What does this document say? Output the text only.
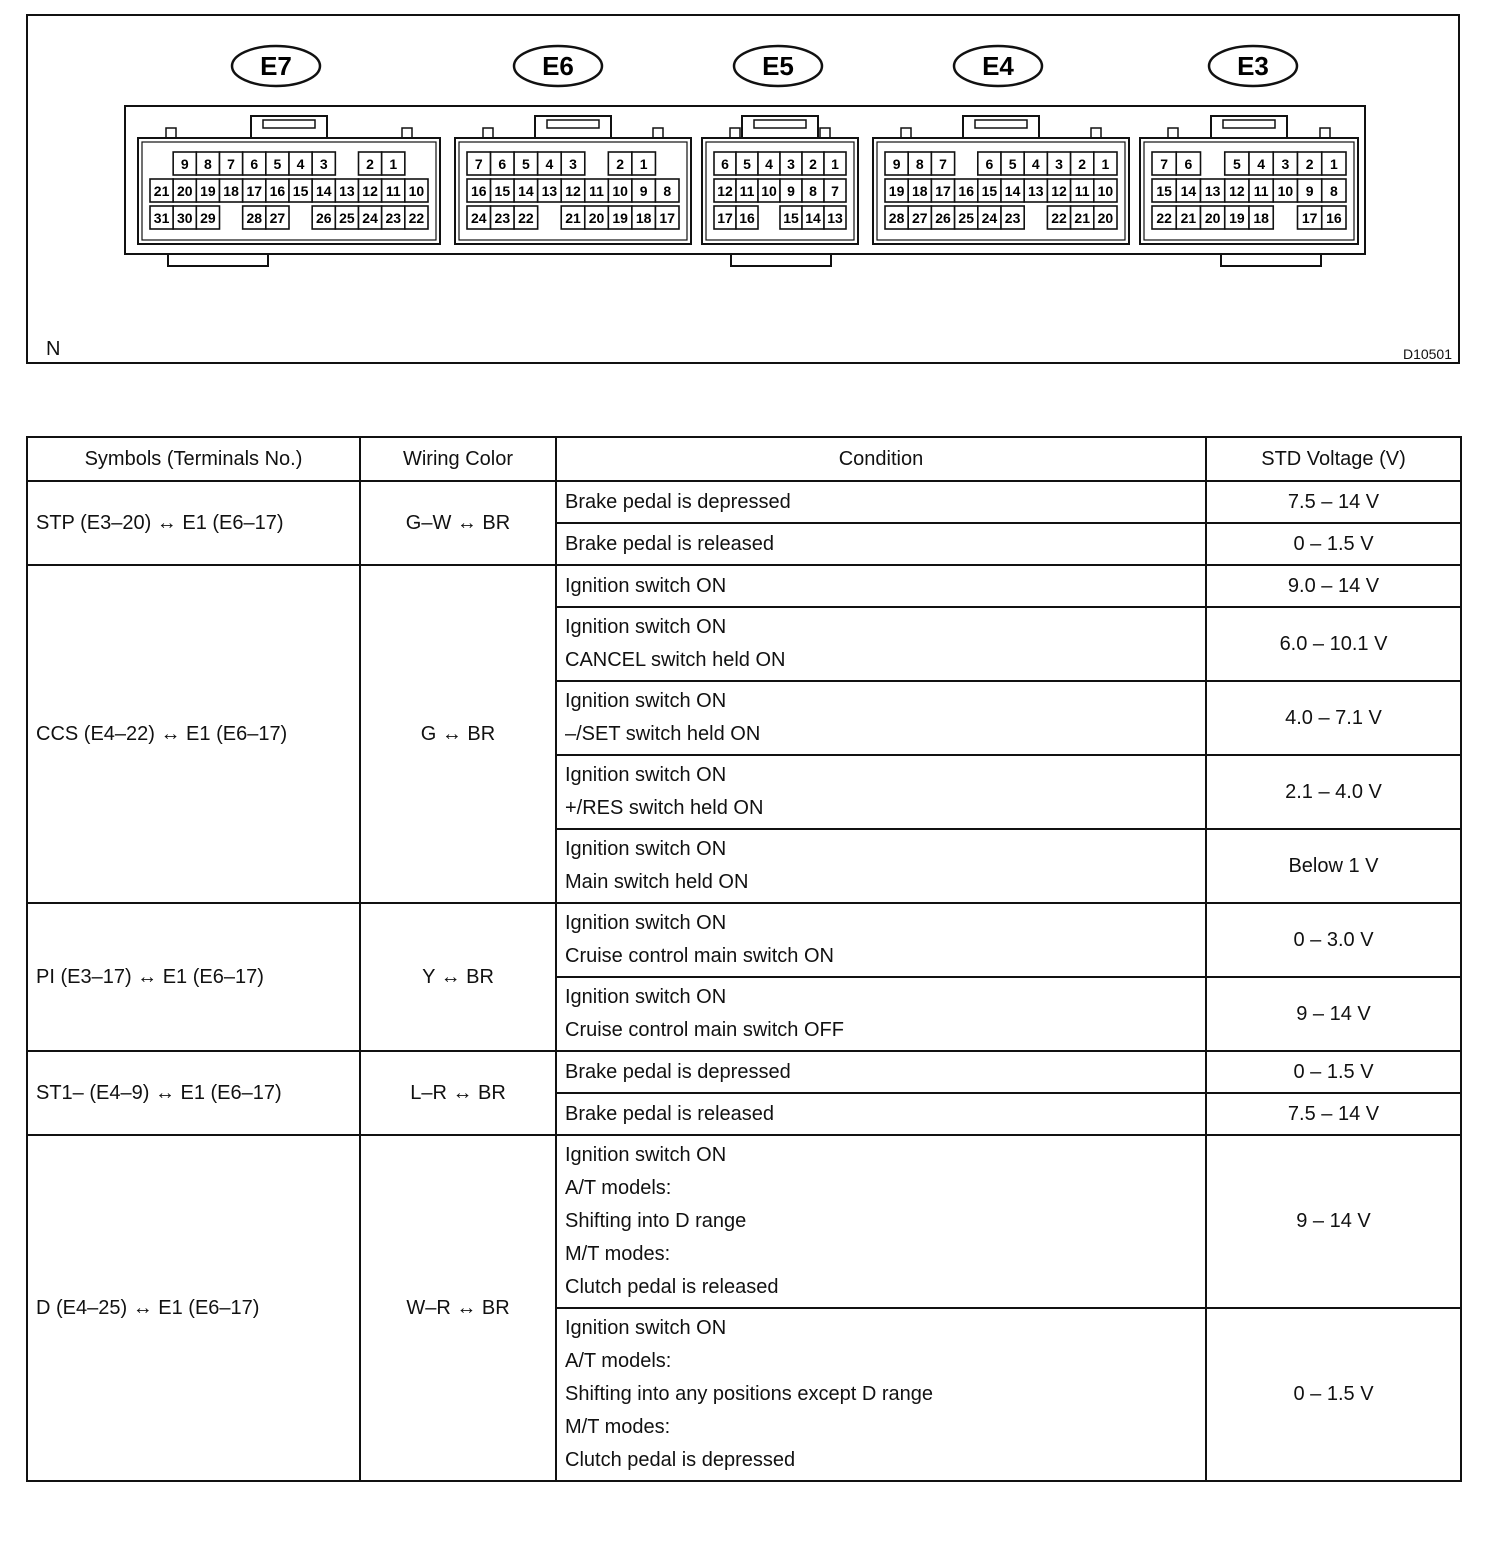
E7
9 8 7 6 5 4 3	2 1
21 20 19 18 17 16 15 14 13 12 11 10
31 30 29 28 27 26 25 24 23 22
E6
7 6 5 4 3	2 1
16 15 14 13 12 11 10 9 8
24 23 22 21 20 19 18 17
E5
6 5 4 3 2 1
12 11 10 9 8 7
17 16 15 14 13
E4
9 8 7	6 5 4 3 2 1
19 18 17 16 15 14 13 12 11 10
28 27 26 25 24 23 22 21 20
E3
7 6	5 4 3 2 1
15 14 13 12 11 10 9 8
22 21 20 19 18 17 16
N	D10501
Symbols (Terminals No.)	Wiring Color	Condition	STD Voltage (V)
STP (E3–20) ↔ E1 (E6–17)	G–W ↔ BR	Brake pedal is depressed	7.5 – 14 V

		Brake pedal is released	0 – 1.5 V
CCS (E4–22) ↔ E1 (E6–17)	G ↔ BR	Ignition switch ON	9.0 – 14 V

		Ignition switch ON
CANCEL switch held ON	6.0 – 10.1 V

		Ignition switch ON
–/SET switch held ON	4.0 – 7.1 V

		Ignition switch ON
+/RES switch held ON	2.1 – 4.0 V

		Ignition switch ON
Main switch held ON	Below 1 V
PI (E3–17) ↔ E1 (E6–17)	Y ↔ BR	Ignition switch ON
Cruise control main switch ON	0 – 3.0 V

		Ignition switch ON
Cruise control main switch OFF	9 – 14 V
ST1– (E4–9) ↔ E1 (E6–17)	L–R ↔ BR	Brake pedal is depressed	0 – 1.5 V

		Brake pedal is released	7.5 – 14 V
D (E4–25) ↔ E1 (E6–17)	W–R ↔ BR	Ignition switch ON
A/T models:
Shifting into D range
M/T modes:
Clutch pedal is released	9 – 14 V

		Ignition switch ON
A/T models:
Shifting into any positions except D range
M/T modes:
Clutch pedal is depressed	0 – 1.5 V
